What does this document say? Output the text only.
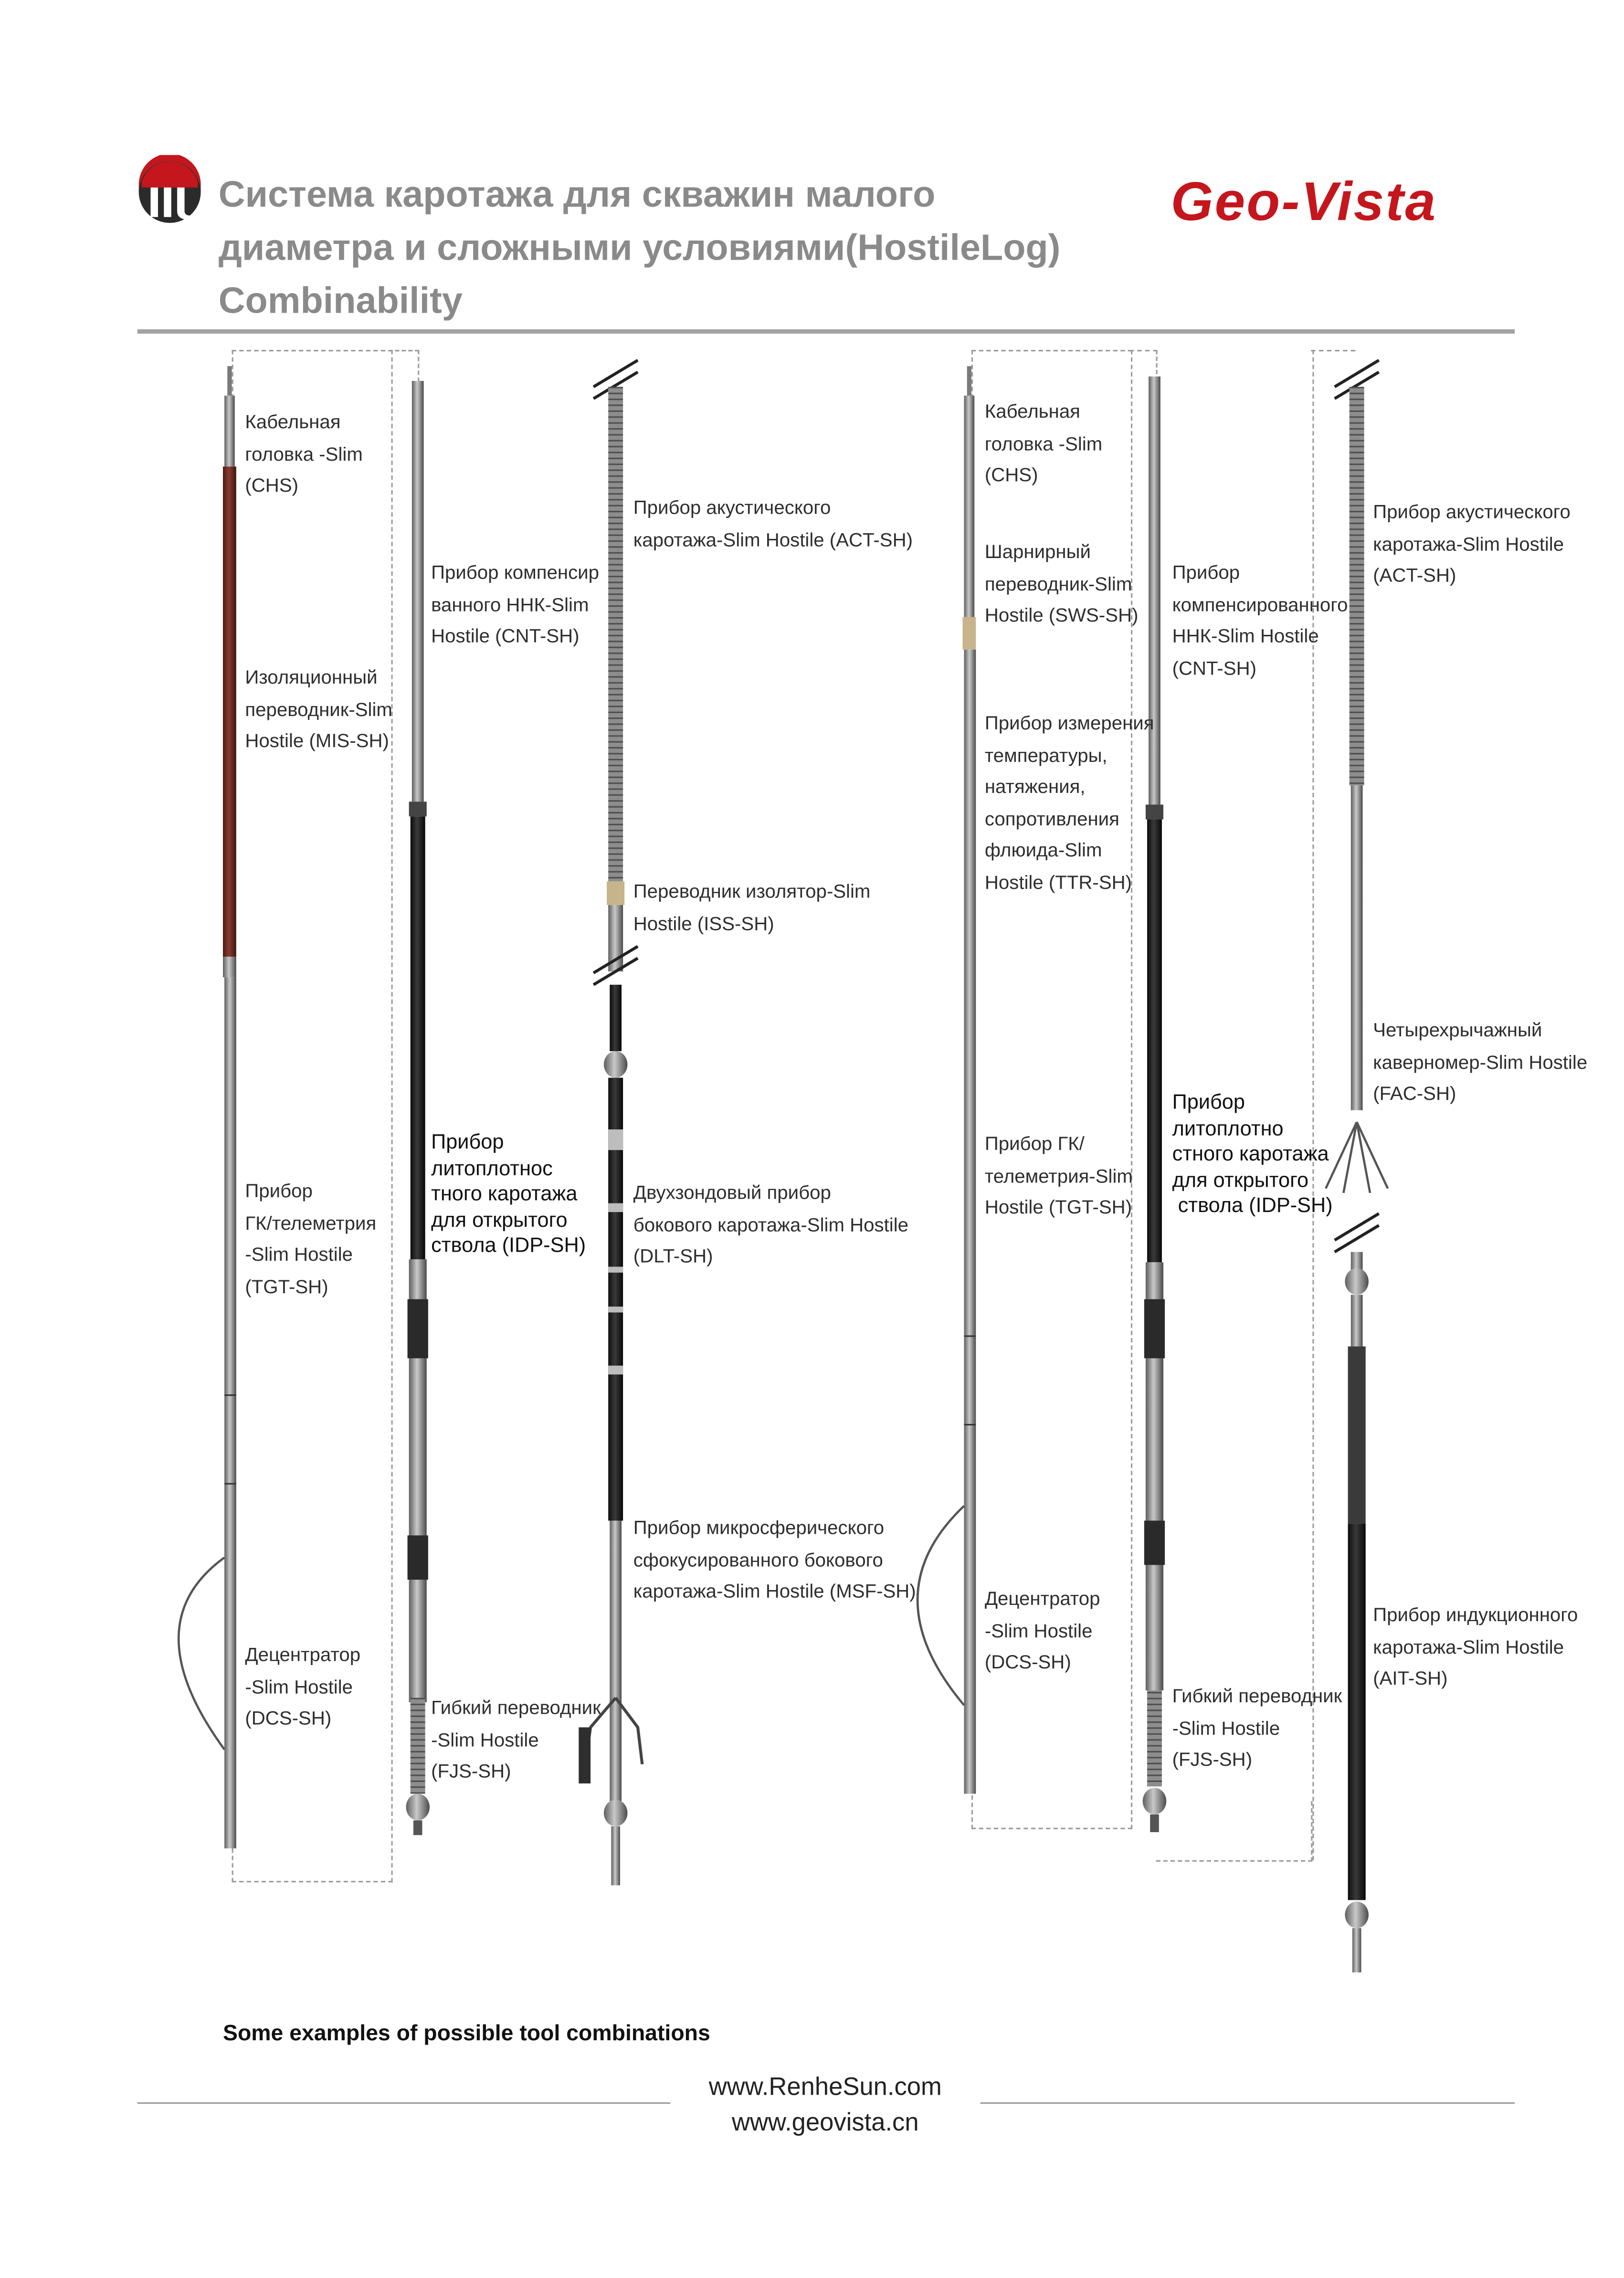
Система каротажа для скважин малого
диаметра и сложными условиями(HostileLog)
Combinability
Geo-Vista
Кабельная
головка -Slim
(CHS)
Изоляционный
переводник-Slim
Hostile (MIS-SH)
Прибор
ГК/телеметрия
-Slim Hostile
(TGT-SH)
Децентратор
-Slim Hostile
(DCS-SH)
Прибор компенсир
ванного ННК-Slim
Hostile (CNT-SH)
Прибор
литоплотнос
тного каротажа
для открытого
ствола (IDP-SH)
Гибкий переводник
-Slim Hostile
(FJS-SH)
Прибор акустического
каротажа-Slim Hostile (ACT-SH)
Переводник изолятор-Slim
Hostile (ISS-SH)
Двухзондовый прибор
бокового каротажа-Slim Hostile
(DLT-SH)
Прибор микросферического
сфокусированного бокового
каротажа-Slim Hostile (MSF-SH)
Кабельная
головка -Slim
(CHS)
Шарнирный
переводник-Slim
Hostile (SWS-SH)
Прибор измерения
температуры,
натяжения,
сопротивления
флюида-Slim
Hostile (TTR-SH)
Прибор ГК/
телеметрия-Slim
Hostile (TGT-SH)
Децентратор
-Slim Hostile
(DCS-SH)
Прибор
компенсированного
ННК-Slim Hostile
(CNT-SH)
Прибор
литоплотно
стного каротажа
для открытого
ствола (IDP-SH)
Гибкий переводник
-Slim Hostile
(FJS-SH)
Прибор акустического
каротажа-Slim Hostile
(ACT-SH)
Четырехрычажный
каверномер-Slim Hostile
(FAC-SH)
Прибор индукционного
каротажа-Slim Hostile
(AIT-SH)
Some examples of possible tool combinations
www.RenheSun.com
www.geovista.cn
